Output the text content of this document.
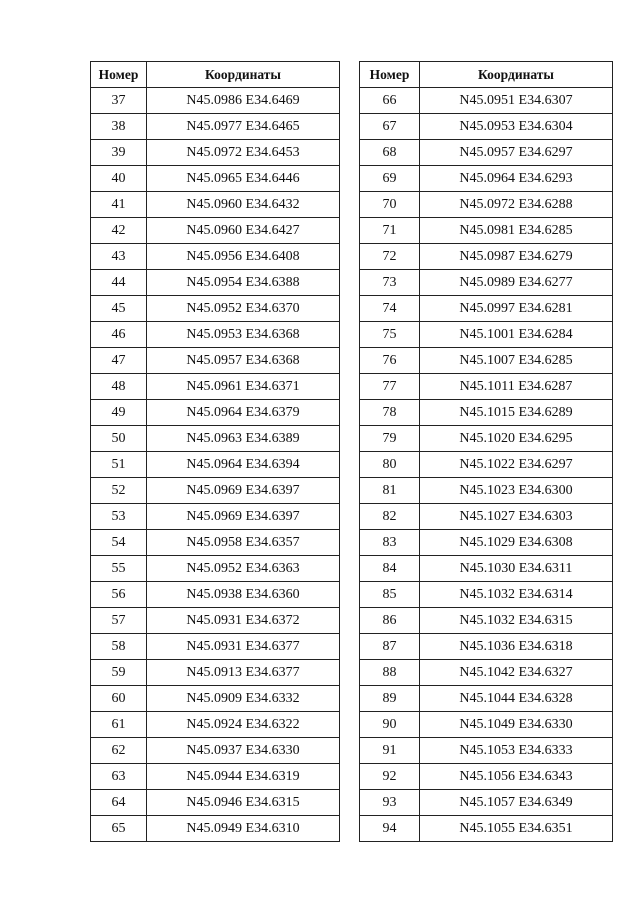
Номер	Координаты
37	N45.0986 E34.6469
38	N45.0977 E34.6465
39	N45.0972 E34.6453
40	N45.0965 E34.6446
41	N45.0960 E34.6432
42	N45.0960 E34.6427
43	N45.0956 E34.6408
44	N45.0954 E34.6388
45	N45.0952 E34.6370
46	N45.0953 E34.6368
47	N45.0957 E34.6368
48	N45.0961 E34.6371
49	N45.0964 E34.6379
50	N45.0963 E34.6389
51	N45.0964 E34.6394
52	N45.0969 E34.6397
53	N45.0969 E34.6397
54	N45.0958 E34.6357
55	N45.0952 E34.6363
56	N45.0938 E34.6360
57	N45.0931 E34.6372
58	N45.0931 E34.6377
59	N45.0913 E34.6377
60	N45.0909 E34.6332
61	N45.0924 E34.6322
62	N45.0937 E34.6330
63	N45.0944 E34.6319
64	N45.0946 E34.6315
65	N45.0949 E34.6310
Номер	Координаты
66	N45.0951 E34.6307
67	N45.0953 E34.6304
68	N45.0957 E34.6297
69	N45.0964 E34.6293
70	N45.0972 E34.6288
71	N45.0981 E34.6285
72	N45.0987 E34.6279
73	N45.0989 E34.6277
74	N45.0997 E34.6281
75	N45.1001 E34.6284
76	N45.1007 E34.6285
77	N45.1011 E34.6287
78	N45.1015 E34.6289
79	N45.1020 E34.6295
80	N45.1022 E34.6297
81	N45.1023 E34.6300
82	N45.1027 E34.6303
83	N45.1029 E34.6308
84	N45.1030 E34.6311
85	N45.1032 E34.6314
86	N45.1032 E34.6315
87	N45.1036 E34.6318
88	N45.1042 E34.6327
89	N45.1044 E34.6328
90	N45.1049 E34.6330
91	N45.1053 E34.6333
92	N45.1056 E34.6343
93	N45.1057 E34.6349
94	N45.1055 E34.6351
